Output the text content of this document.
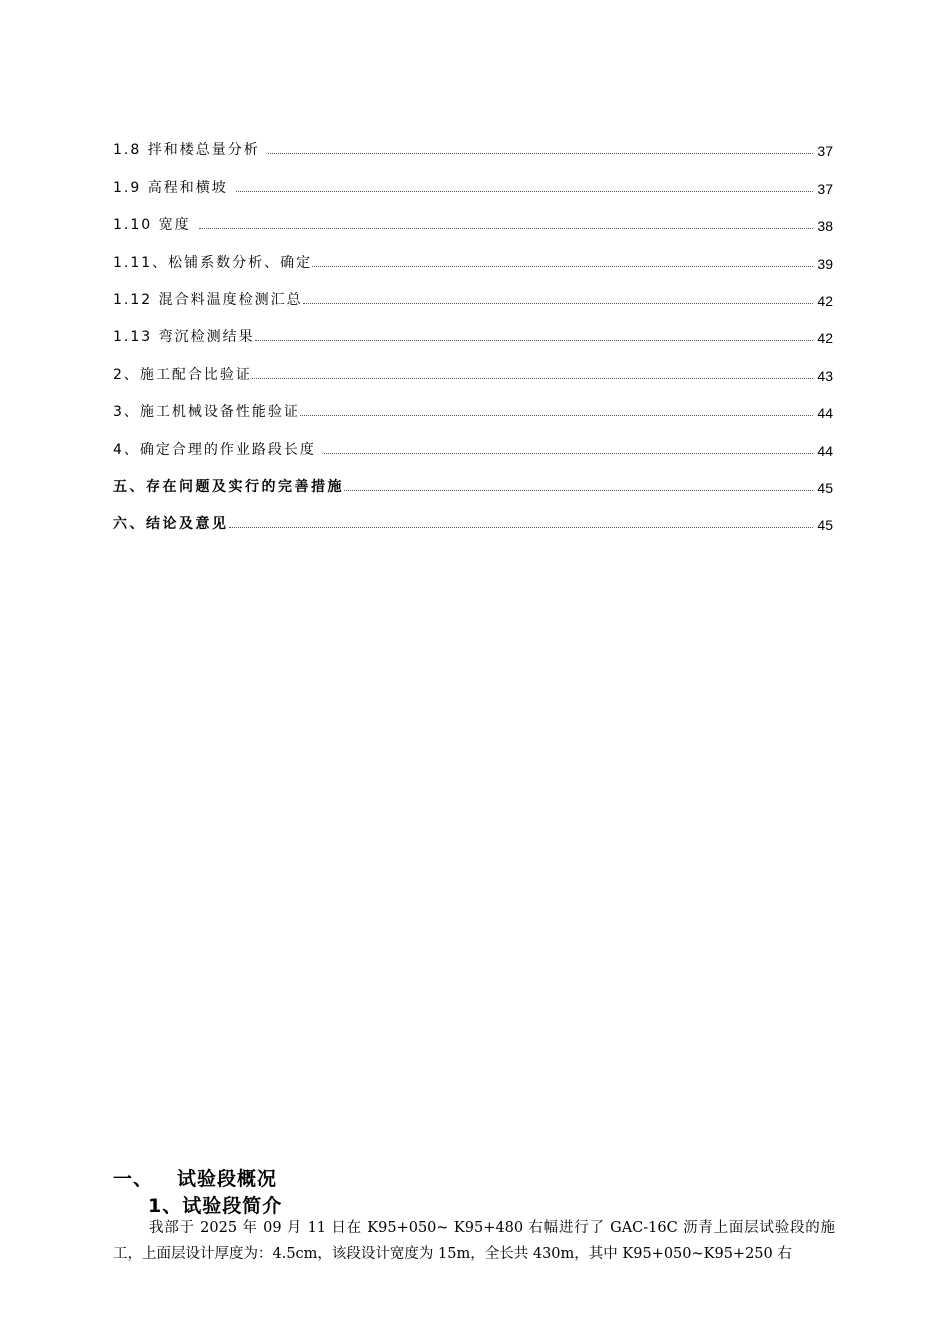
1.8 拌和楼总量分析	37
1.9 高程和横坡	37
1.10 宽度	38
1.11、松铺系数分析、确定	39
1.12 混合料温度检测汇总	42
1.13 弯沉检测结果	42
2、施工配合比验证	43
3、施工机械设备性能验证	44
4、确定合理的作业路段长度	44
五、存在问题及实行的完善措施	45
六、结论及意见	45
一、 试验段概况
1、试验段简介

我部于 2025 年 09 月 11 日在 K95+050~ K95+480 右幅进行了 GAC-16C 沥青上面层试验段的施工，上面层设计厚度为：4.5cm，该段设计宽度为 15m，全长共 430m，其中 K95+050~K95+250 右
